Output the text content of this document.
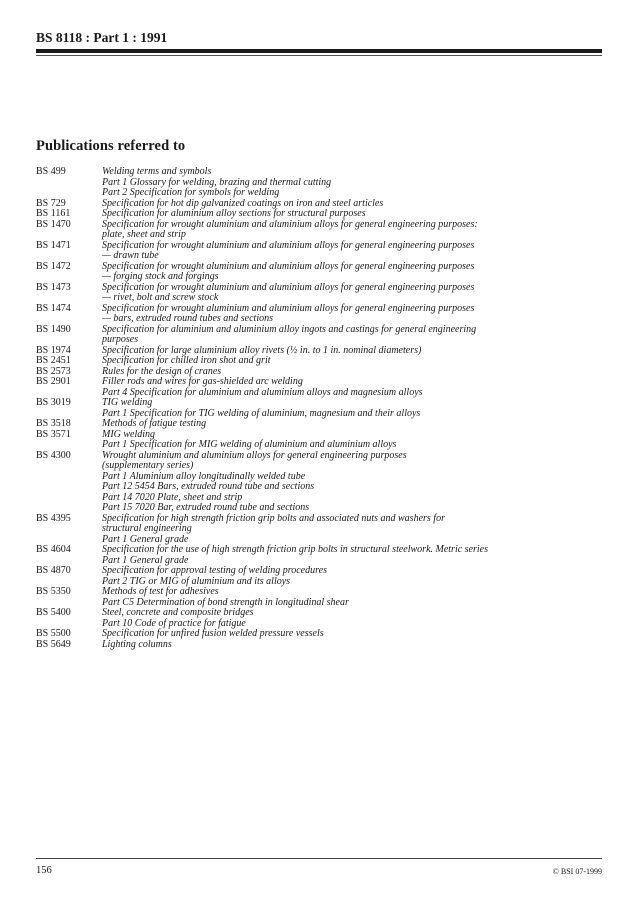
BS 8118 : Part 1 : 1991
Publications referred to
BS 499	Welding terms and symbols
Part 1 Glossary for welding, brazing and thermal cutting
Part 2 Specification for symbols for welding
BS 729	Specification for hot dip galvanized coatings on iron and steel articles
BS 1161	Specification for aluminium alloy sections for structural purposes
BS 1470	Specification for wrought aluminium and aluminium alloys for general engineering purposes:
plate, sheet and strip
BS 1471	Specification for wrought aluminium and aluminium alloys for general engineering purposes
— drawn tube
BS 1472	Specification for wrought aluminium and aluminium alloys for general engineering purposes
— forging stock and forgings
BS 1473	Specification for wrought aluminium and aluminium alloys for general engineering purposes
— rivet, bolt and screw stock
BS 1474	Specification for wrought aluminium and aluminium alloys for general engineering purposes
— bars, extruded round tubes and sections
BS 1490	Specification for aluminium and aluminium alloy ingots and castings for general engineering
purposes
BS 1974	Specification for large aluminium alloy rivets (½ in. to 1 in. nominal diameters)
BS 2451	Specification for chilled iron shot and grit
BS 2573	Rules for the design of cranes
BS 2901	Filler rods and wires for gas-shielded arc welding
Part 4 Specification for aluminium and aluminium alloys and magnesium alloys
BS 3019	TIG welding
Part 1 Specification for TIG welding of aluminium, magnesium and their alloys
BS 3518	Methods of fatigue testing
BS 3571	MIG welding
Part 1 Specification for MIG welding of aluminium and aluminium alloys
BS 4300	Wrought aluminium and aluminium alloys for general engineering purposes
(supplementary series)
Part 1 Aluminium alloy longitudinally welded tube
Part 12 5454 Bars, extruded round tube and sections
Part 14 7020 Plate, sheet and strip
Part 15 7020 Bar, extruded round tube and sections
BS 4395	Specification for high strength friction grip bolts and associated nuts and washers for
structural engineering
Part 1 General grade
BS 4604	Specification for the use of high strength friction grip bolts in structural steelwork. Metric series
Part 1 General grade
BS 4870	Specification for approval testing of welding procedures
Part 2 TIG or MIG of aluminium and its alloys
BS 5350	Methods of test for adhesives
Part C5 Determination of bond strength in longitudinal shear
BS 5400	Steel, concrete and composite bridges
Part 10 Code of practice for fatigue
BS 5500	Specification for unfired fusion welded pressure vessels
BS 5649	Lighting columns
156	© BSI 07-1999
